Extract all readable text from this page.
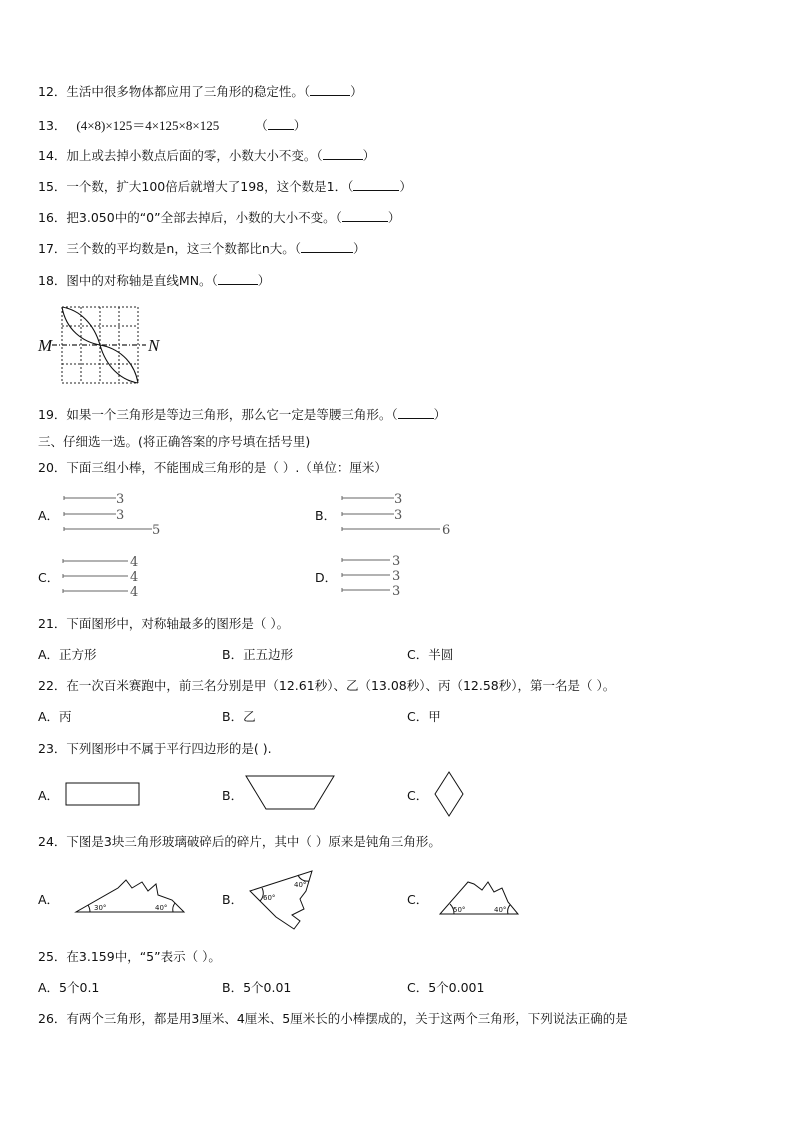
12．生活中很多物体都应用了三角形的稳定性。（	）
13． (4×8)×125＝4×125×8×125	（ ）
14．加上或去掉小数点后面的零，小数大小不变。（	）
15．一个数，扩大100倍后就增大了198，这个数是1．（	）
16．把3.050中的“0”全部去掉后，小数的大小不变。（	）
17．三个数的平均数是n，这三个数都比n大。（	）
18．图中的对称轴是直线MN。（	）
M	N
19．如果一个三角形是等边三角形，那么它一定是等腰三角形。（	）
三、仔细选一选。(将正确答案的序号填在括号里)
20．下面三组小棒，不能围成三角形的是（ ）.（单位：厘米）
A．
3
3
5
B．
3
3
6
C．
4
4
4
D．
3
3
3
21．下面图形中，对称轴最多的图形是（ ）。
A．正方形	B．正五边形	C．半圆
22．在一次百米赛跑中，前三名分别是甲（12.61秒）、乙（13.08秒）、丙（12.58秒），第一名是（ ）。
A．丙	B．乙	C．甲
23．下列图形中不属于平行四边形的是( ).
A．	B．	C．
24．下图是3块三角形玻璃破碎后的碎片，其中（ ）原来是钝角三角形。
A．
30°	40°
B．	60°
40°
C．
50°	40°
25．在3.159中，“5”表示（ ）。
A．5个0.1	B．5个0.01	C．5个0.001
26．有两个三角形，都是用3厘米、4厘米、5厘米长的小棒摆成的，关于这两个三角形，下列说法正确的是
